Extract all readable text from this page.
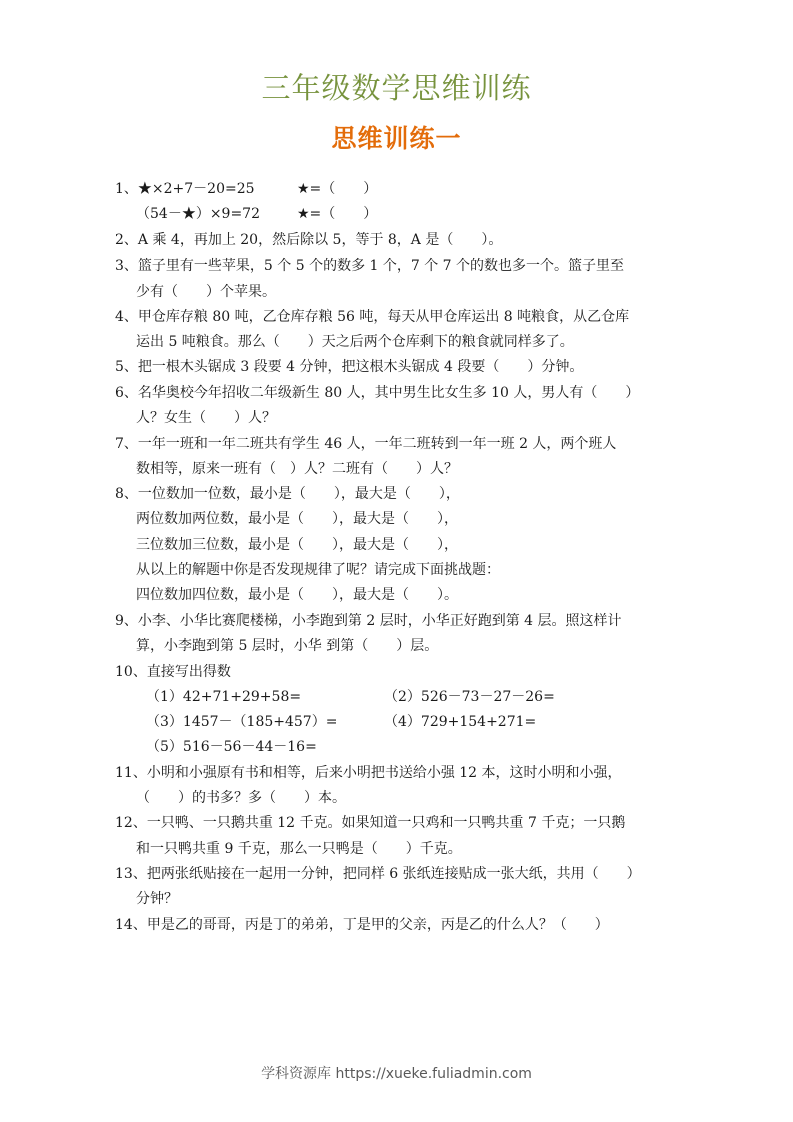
三年级数学思维训练
思维训练一
1、★×2+7－20=25	★=（　　）
（54－★）×9=72	★=（　　）
2、A 乘 4，再加上 20，然后除以 5，等于 8，A 是（　　）。
3、篮子里有一些苹果，5 个 5 个的数多 1 个，7 个 7 个的数也多一个。篮子里至
少有（　　）个苹果。
4、甲仓库存粮 80 吨，乙仓库存粮 56 吨，每天从甲仓库运出 8 吨粮食，从乙仓库
运出 5 吨粮食。那么（　　）天之后两个仓库剩下的粮食就同样多了。
5、把一根木头锯成 3 段要 4 分钟，把这根木头锯成 4 段要（　　）分钟。
6、名华奥校今年招收二年级新生 80 人，其中男生比女生多 10 人，男人有（　　）
人？女生（　　）人？
7、一年一班和一年二班共有学生 46 人，一年二班转到一年一班 2 人，两个班人
数相等，原来一班有（　）人？二班有（　　）人？
8、一位数加一位数，最小是（　　），最大是（　　），
两位数加两位数，最小是（　　），最大是（　　），
三位数加三位数，最小是（　　），最大是（　　），
从以上的解题中你是否发现规律了呢？请完成下面挑战题：
四位数加四位数，最小是（　　），最大是（　　）。
9、小李、小华比赛爬楼梯，小李跑到第 2 层时，小华正好跑到第 4 层。照这样计
算，小李跑到第 5 层时，小华 到第（　　）层。
10、直接写出得数
（1）42+71+29+58=	（2）526－73－27－26=
（3）1457－（185+457）=	（4）729+154+271=
（5）516－56－44－16=
11、小明和小强原有书和相等，后来小明把书送给小强 12 本，这时小明和小强，
（　　）的书多？多（　　）本。
12、一只鸭、一只鹅共重 12 千克。如果知道一只鸡和一只鸭共重 7 千克；一只鹅
和一只鸭共重 9 千克，那么一只鸭是（　　）千克。
13、把两张纸贴接在一起用一分钟，把同样 6 张纸连接贴成一张大纸，共用（　　）
分钟？
14、甲是乙的哥哥，丙是丁的弟弟，丁是甲的父亲，丙是乙的什么人？（　　）
学科资源库 https://xueke.fuliadmin.com
